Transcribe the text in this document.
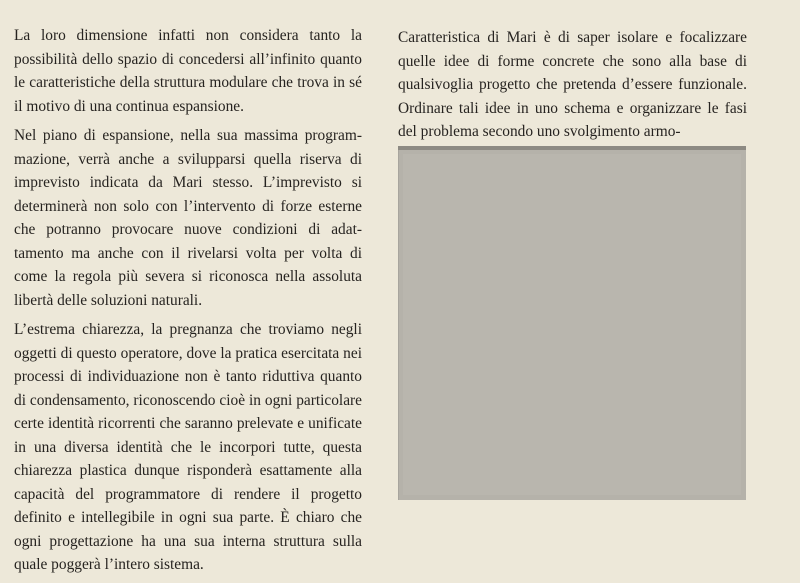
La loro dimensione infatti non considera tanto la possibilità dello spazio di concedersi all’infinito quanto le caratteristiche della struttura modulare che trova in sé il motivo di una continua espansione.

Nel piano di espansione, nella sua massima programmazione, verrà anche a svilupparsi quella riserva di imprevisto indicata da Mari stesso. L’imprevisto si determinerà non solo con l’intervento di forze esterne che potranno provocare nuove condizioni di adattamento ma anche con il rivelarsi volta per volta di come la regola più severa si riconosca nella assoluta libertà delle soluzioni naturali.

L’estrema chiarezza, la pregnanza che troviamo negli oggetti di questo operatore, dove la pratica esercitata nei processi di individuazione non è tanto riduttiva quanto di condensamento, riconoscendo cioè in ogni particolare certe identità ricorrenti che saranno prelevate e unificate in una diversa identità che le incorpori tutte, questa chiarezza plastica dunque risponderà esattamente alla capacità del programmatore di rendere il progetto definito e intellegibile in ogni sua parte. È chiaro che ogni progettazione ha una sua interna struttura sulla quale poggerà l’intero sistema.

Caratteristica di Mari è di saper isolare e focalizzare quelle idee di forme concrete che sono alla base di qualsivoglia progetto che pretenda d’essere funzionale. Ordinare tali idee in uno schema e organizzare le fasi del problema secondo uno svolgimento armo-
